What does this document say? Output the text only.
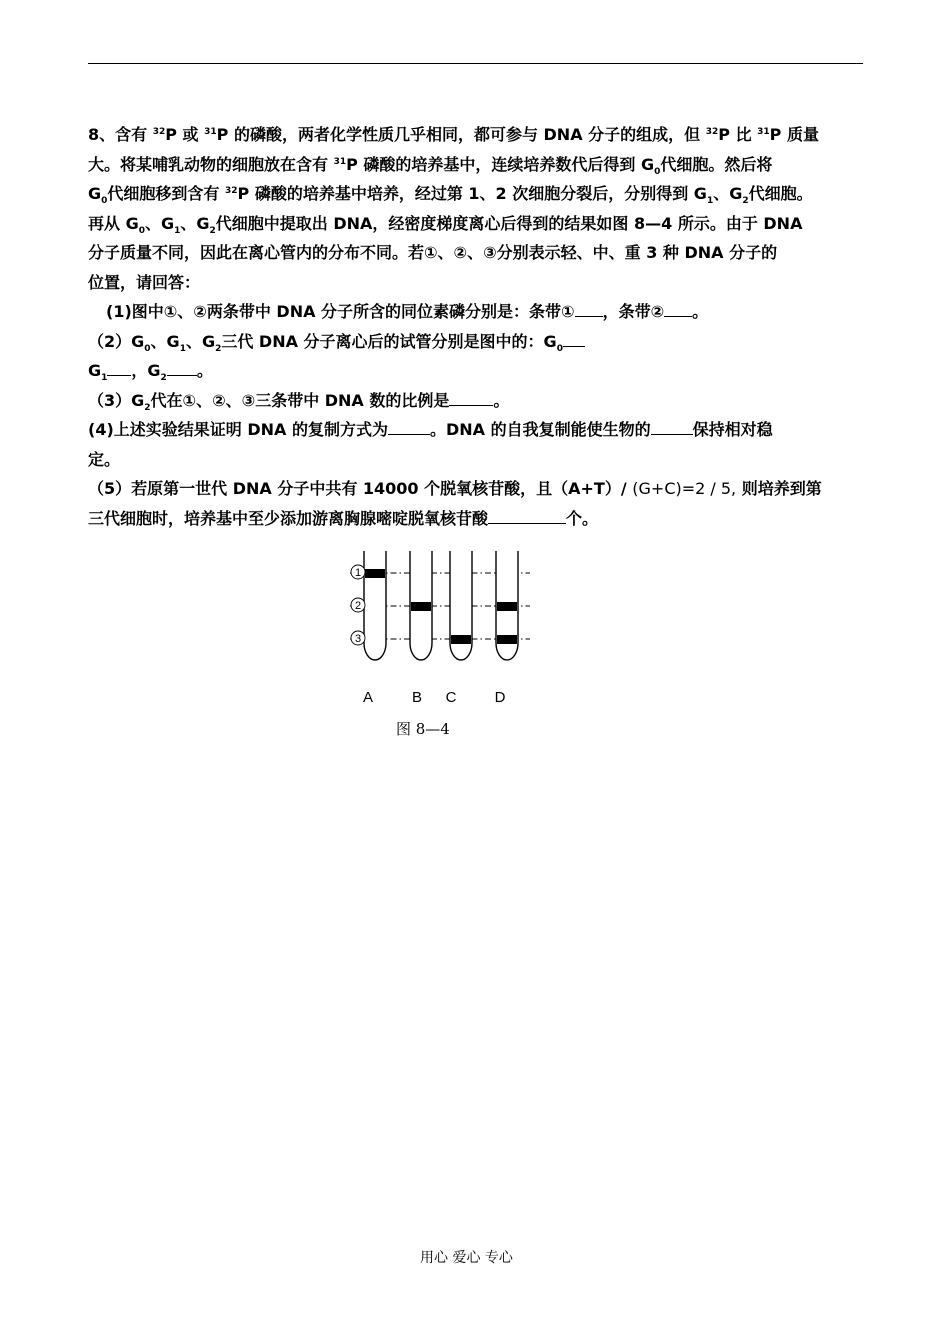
8、含有 $^{32}$P 或 $^{31}$P 的磷酸，两者化学性质几乎相同，都可参与 DNA 分子的组成，但 $^{32}$P 比 $^{31}$P 质量
大。将某哺乳动物的细胞放在含有 $^{31}$P 磷酸的培养基中，连续培养数代后得到 $G_0$代细胞。然后将
$G_0$代细胞移到含有 $^{32}$P 磷酸的培养基中培养，经过第 1、2 次细胞分裂后，分别得到 $G_1$、$G_2$代细胞。
再从 $G_0$、$G_1$、$G_2$代细胞中提取出 DNA，经密度梯度离心后得到的结果如图 8—4 所示。由于 DNA
分子质量不同，因此在离心管内的分布不同。若①、②、③分别表示轻、中、重 3 种 DNA 分子的
位置，请回答：
(1)图中①、②两条带中 DNA 分子所含的同位素磷分别是：条带① ，条带② 。
$(2)G_0$、$G_1$、$G_2$三代 DNA 分子离心后的试管分别是图中的：$G_0$
$G_1$ ，$G_2$ 。
$(3)G_2$代在①、②、③三条带中 DNA 数的比例是	。
(4)上述实验结果证明 DNA 的复制方式为	。DNA 的自我复制能使生物的	保持相对稳
定。
（5）若原第一世代 DNA 分子中共有 14000 个脱氧核苷酸，且（A+T）/ (G+C)=2 / 5, 则培养到第
三代细胞时，培养基中至少添加游离胸腺嘧啶脱氧核苷酸	个。
1
2
3
A	B C	D
图 8—4
用心 爱心 专心
